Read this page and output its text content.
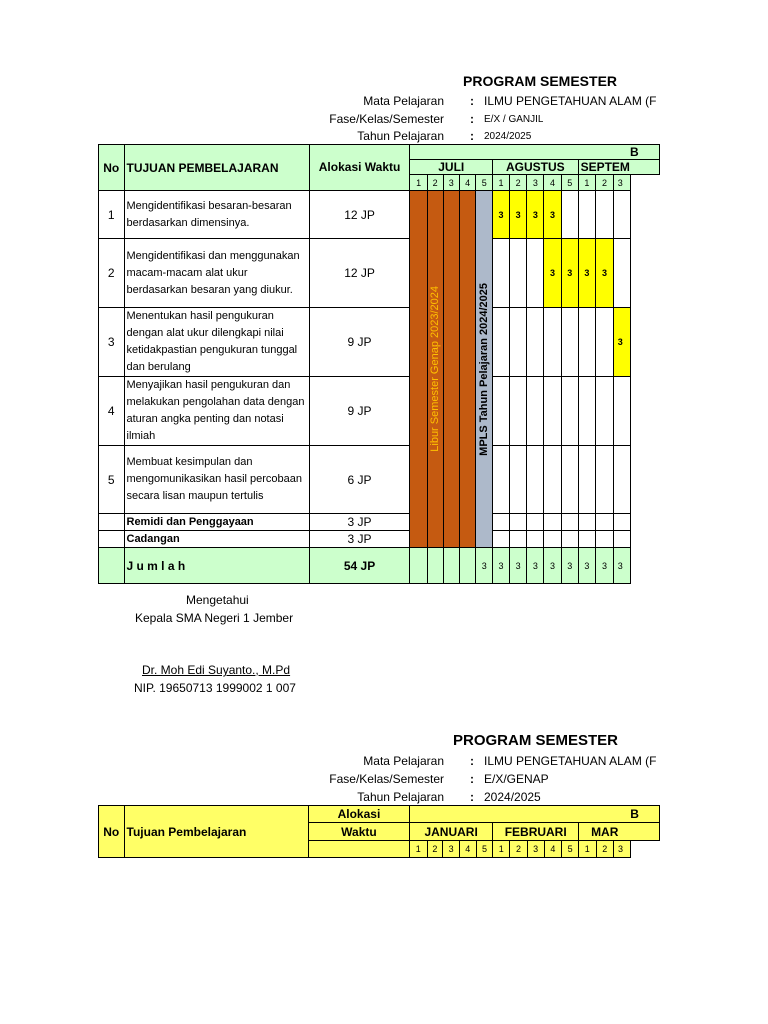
PROGRAM SEMESTER
Mata Pelajaran : ILMU PENGETAHUAN ALAM (F
Fase/Kelas/Semester : E/X / GANJIL
Tahun Pelajaran : 2024/2025
No	TUJUAN PEMBELAJARAN	Alokasi Waktu														B
			JULI					AGUSTUS					SEPTEM			
			1	2	3	4	5	1	2	3	4	5	1	2	3	
1	Mengidentifikasi besaran-besaran berdasarkan dimensinya.	12 JP		Libur Semester Genap 2023/2024			MPLS Tahun Pelajaran 2024/2025	3	3	3	3					
2	Mengidentifikasi dan menggunakan macam-macam alat ukur berdasarkan besaran yang diukur.	12 JP									3	3	3	3		
3	Menentukan hasil pengukuran dengan alat ukur dilengkapi nilai ketidakpastian pengukuran tunggal dan berulang	9 JP													3	
4	Menyajikan hasil pengukuran dan melakukan pengolahan data dengan aturan angka penting dan notasi ilmiah	9 JP														
5	Membuat kesimpulan dan mengomunikasikan hasil percobaan secara lisan maupun tertulis	6 JP														
	Remidi dan Penggayaan	3 JP														
	Cadangan	3 JP														
	J u m l a h	54 JP					3	3	3	3	3	3	3	3	3	
Mengetahui
Kepala SMA Negeri 1 Jember
Dr. Moh Edi Suyanto., M.Pd
NIP. 19650713 1999002 1 007
PROGRAM SEMESTER
Mata Pelajaran : ILMU PENGETAHUAN ALAM (F
Fase/Kelas/Semester : E/X/GENAP
Tahun Pelajaran : 2024/2025
No	Tujuan Pembelajaran	Alokasi														B
		Waktu	JANUARI					FEBRUARI					MAR			
			1	2	3	4	5	1	2	3	4	5	1	2	3	
